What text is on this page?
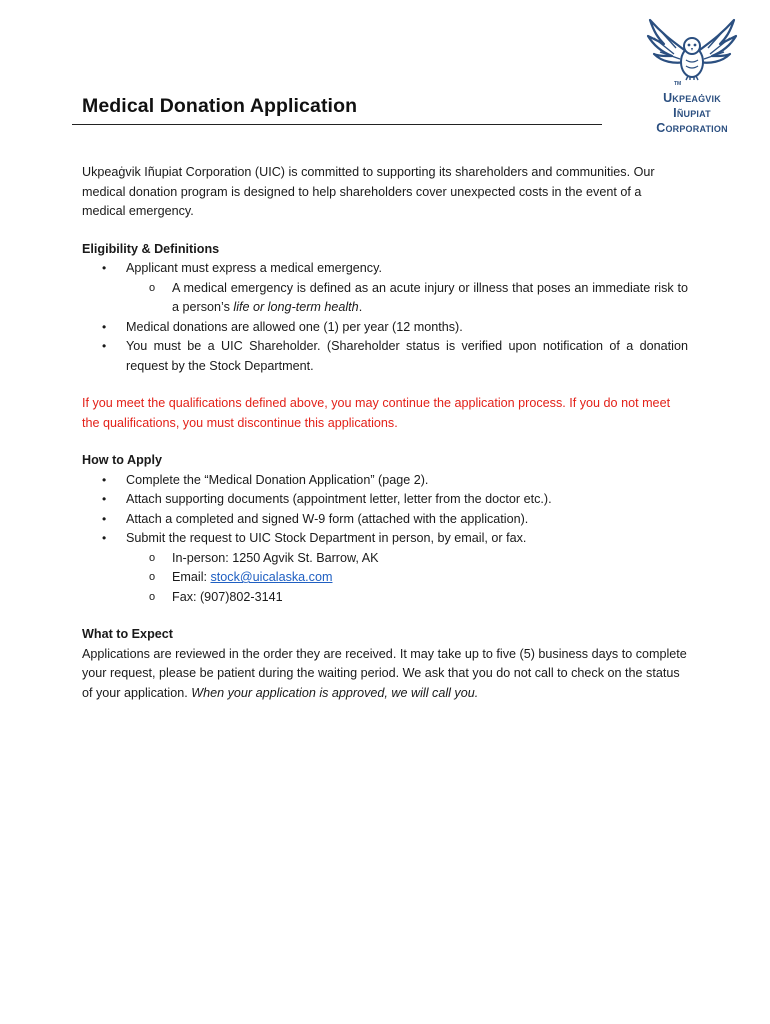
TM
Ukpeaġvik
Iñupiat
Corporation
Medical Donation Application

Ukpeaġvik Iñupiat Corporation (UIC) is committed to supporting its shareholders and communities. Our medical donation program is designed to help shareholders cover unexpected costs in the event of a medical emergency.

Eligibility & Definitions

• Applicant must express a medical emergency.
o A medical emergency is defined as an acute injury or illness that poses an immediate risk to a person’s life or long-term health.
• Medical donations are allowed one (1) per year (12 months).
• You must be a UIC Shareholder. (Shareholder status is verified upon notification of a donation request by the Stock Department.

If you meet the qualifications defined above, you may continue the application process. If you do not meet the qualifications, you must discontinue this applications.

How to Apply

• Complete the “Medical Donation Application” (page 2).
• Attach supporting documents (appointment letter, letter from the doctor etc.).
• Attach a completed and signed W-9 form (attached with the application).
• Submit the request to UIC Stock Department in person, by email, or fax.
o In-person: 1250 Agvik St. Barrow, AK
o Email: stock@uicalaska.com
o Fax: (907)802-3141

What to Expect

Applications are reviewed in the order they are received. It may take up to five (5) business days to complete your request, please be patient during the waiting period. We ask that you do not call to check on the status of your application. When your application is approved, we will call you.
